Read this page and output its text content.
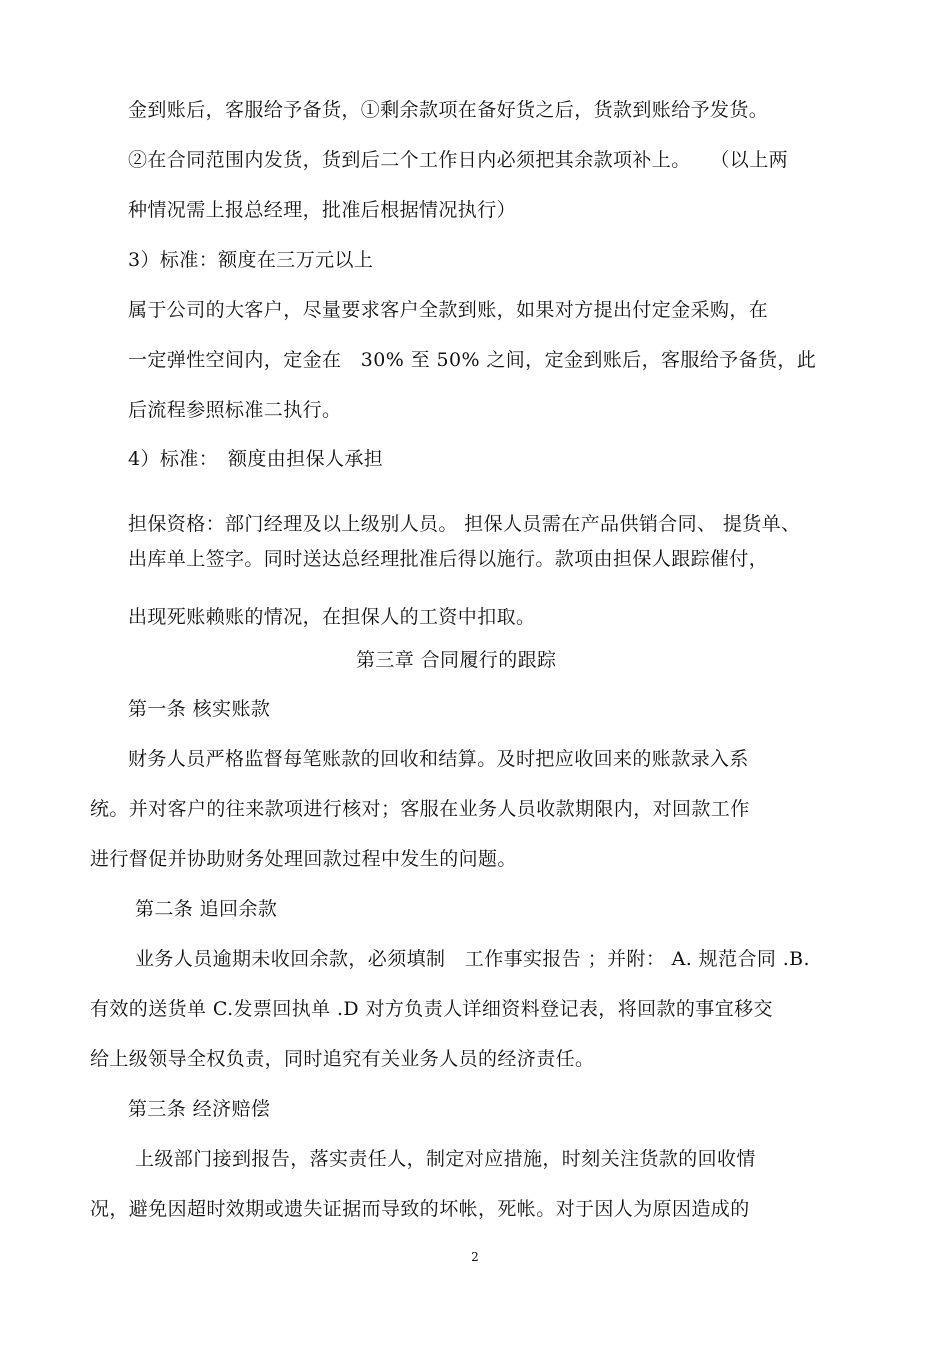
金到账后，客服给予备货，①剩余款项在备好货之后，货款到账给予发货。
②在合同范围内发货，货到后二个工作日内必须把其余款项补上。　　（以上两
种情况需上报总经理，批准后根据情况执行）
3）标准：额度在三万元以上
属于公司的大客户，尽量要求客户全款到账，如果对方提出付定金采购，在
一定弹性空间内，定金在　30% 至 50% 之间，定金到账后，客服给予备货，此
后流程参照标准二执行。
4）标准：　额度由担保人承担
担保资格：部门经理及以上级别人员。 担保人员需在产品供销合同、 提货单、
出库单上签字。同时送达总经理批准后得以施行。款项由担保人跟踪催付，
出现死账赖账的情况，在担保人的工资中扣取。
第三章 合同履行的跟踪
第一条 核实账款
财务人员严格监督每笔账款的回收和结算。及时把应收回来的账款录入系
统。并对客户的往来款项进行核对；客服在业务人员收款期限内，对回款工作
进行督促并协助财务处理回款过程中发生的问题。
第二条 追回余款
业务人员逾期未收回余款，必须填制　工作事实报告 ；并附： A. 规范合同 .B.
有效的送货单 C.发票回执单 .D 对方负责人详细资料登记表，将回款的事宜移交
给上级领导全权负责，同时追究有关业务人员的经济责任。
第三条 经济赔偿
上级部门接到报告，落实责任人，制定对应措施，时刻关注货款的回收情
况，避免因超时效期或遗失证据而导致的坏帐，死帐。对于因人为原因造成的
2
